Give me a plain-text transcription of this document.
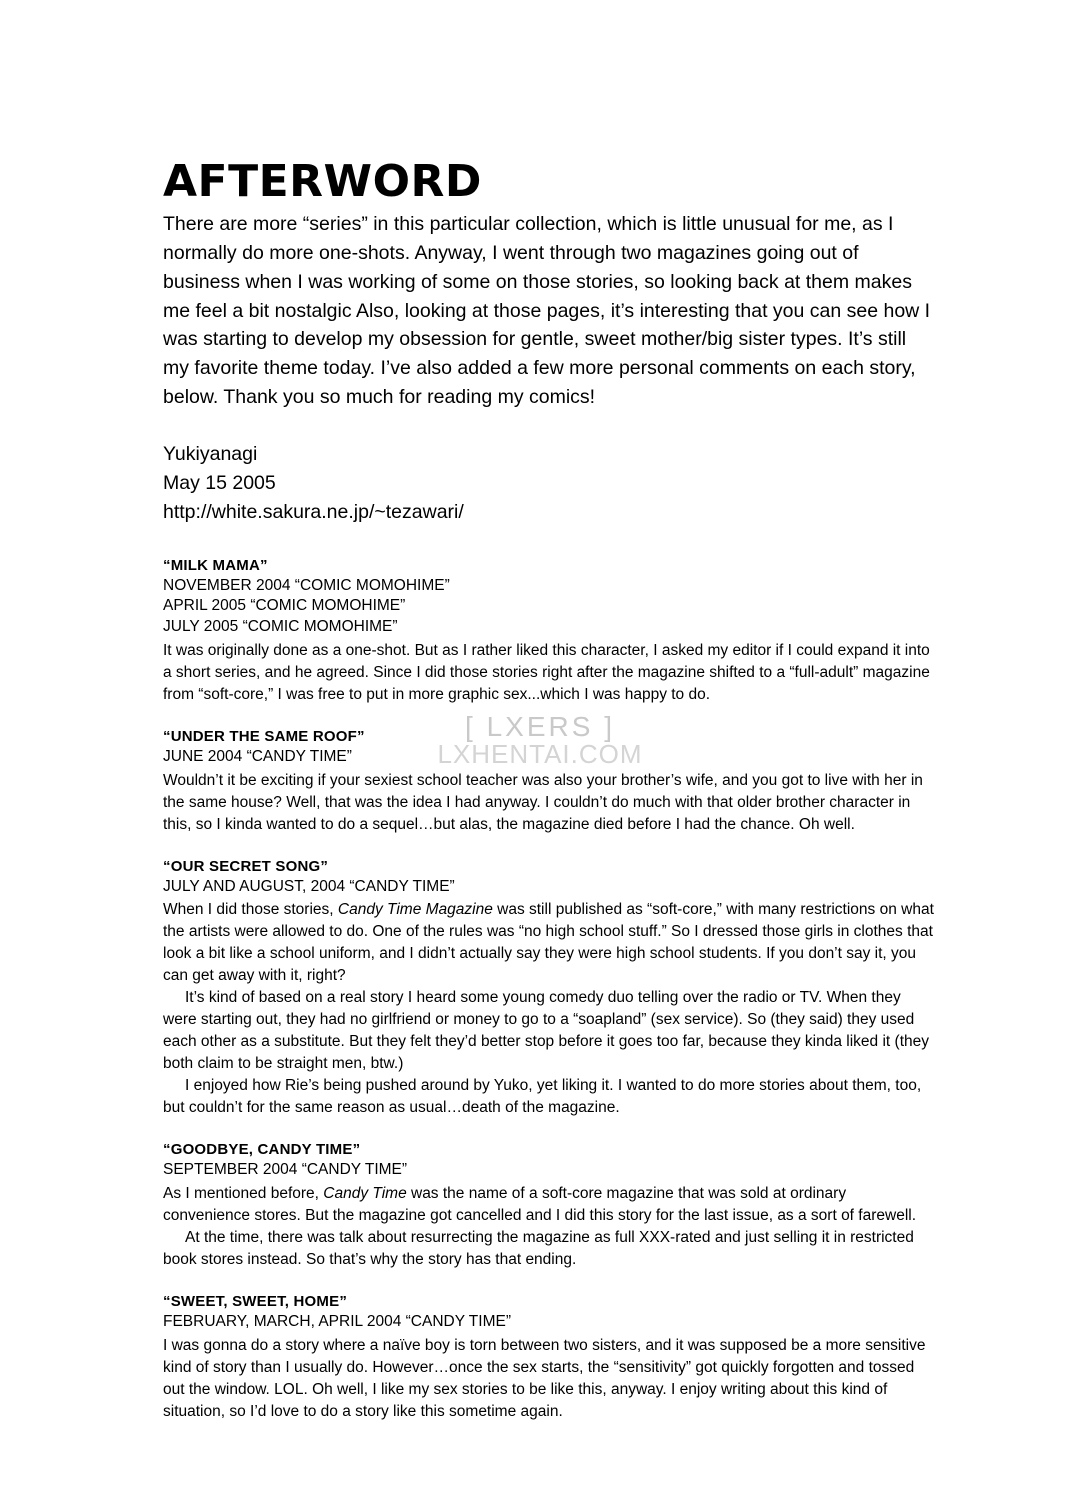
[ LXERS ]
LXHENTAI.COM
AFTERWORD

There are more “series” in this particular collection, which is little unusual for me, as I normally do more one-shots. Anyway, I went through two magazines going out of business when I was working of some on those stories, so looking back at them makes me feel a bit nostalgic Also, looking at those pages, it’s interesting that you can see how I was starting to develop my obsession for gentle, sweet mother/big sister types. It’s still my favorite theme today. I’ve also added a few more personal comments on each story, below. Thank you so much for reading my comics!

Yukiyanagi
May 15 2005
http://white.sakura.ne.jp/~tezawari/
“MILK MAMA”
NOVEMBER 2004 “COMIC MOMOHIME”
APRIL 2005 “COMIC MOMOHIME”
JULY 2005 “COMIC MOMOHIME”

It was originally done as a one-shot. But as I rather liked this character, I asked my editor if I could expand it into a short series, and he agreed. Since I did those stories right after the magazine shifted to a “full-adult” magazine from “soft-core,” I was free to put in more graphic sex...which I was happy to do.

“UNDER THE SAME ROOF”
JUNE 2004 “CANDY TIME”

Wouldn’t it be exciting if your sexiest school teacher was also your brother’s wife, and you got to live with her in the same house? Well, that was the idea I had anyway. I couldn’t do much with that older brother character in this, so I kinda wanted to do a sequel…but alas, the magazine died before I had the chance. Oh well.

“OUR SECRET SONG”
JULY AND AUGUST, 2004 “CANDY TIME”

When I did those stories, Candy Time Magazine was still published as “soft-core,” with many restrictions on what the artists were allowed to do. One of the rules was “no high school stuff.” So I dressed those girls in clothes that look a bit like a school uniform, and I didn’t actually say they were high school students. If you don’t say it, you can get away with it, right?

It’s kind of based on a real story I heard some young comedy duo telling over the radio or TV. When they were starting out, they had no girlfriend or money to go to a “soapland” (sex service). So (they said) they used each other as a substitute. But they felt they’d better stop before it goes too far, because they kinda liked it (they both claim to be straight men, btw.)

I enjoyed how Rie’s being pushed around by Yuko, yet liking it. I wanted to do more stories about them, too, but couldn’t for the same reason as usual…death of the magazine.

“GOODBYE, CANDY TIME”
SEPTEMBER 2004 “CANDY TIME”

As I mentioned before, Candy Time was the name of a soft-core magazine that was sold at ordinary convenience stores. But the magazine got cancelled and I did this story for the last issue, as a sort of farewell.

At the time, there was talk about resurrecting the magazine as full XXX-rated and just selling it in restricted book stores instead. So that’s why the story has that ending.

“SWEET, SWEET, HOME”
FEBRUARY, MARCH, APRIL 2004 “CANDY TIME”

I was gonna do a story where a naïve boy is torn between two sisters, and it was supposed be a more sensitive kind of story than I usually do. However…once the sex starts, the “sensitivity” got quickly forgotten and tossed out the window. LOL. Oh well, I like my sex stories to be like this, anyway. I enjoy writing about this kind of situation, so I’d love to do a story like this sometime again.
